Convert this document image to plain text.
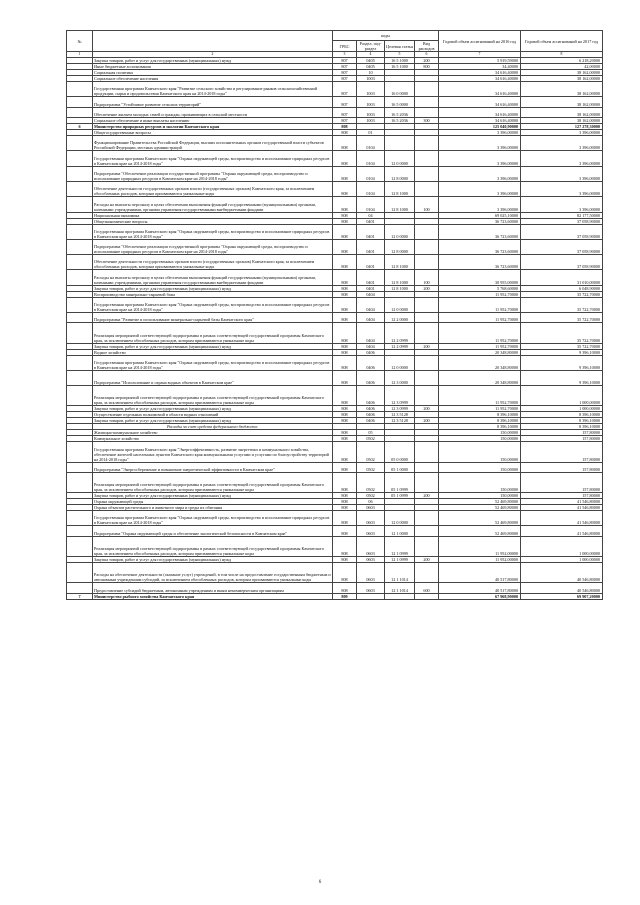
№		коды				Годовой объем ассигнований на 2016 год	Годовой объем ассигнований на 2017 год
		ГРБС	Раздел, под-раздел	Целевая статья	Вид расходов		
1	2	3	4	5	6	7	8
	Закупка товаров, работ и услуг для государственных (муниципальных) нужд	807	0405	16 5 1000	200	5 919,59000	6 218,20000
	Иные бюджетные ассигнования	807	0405	16 5 1000	800	34,40000	42,00000
	Социальная политика	807	10			34 616,40000	38 162,00000
	Социальное обеспечение населения	807	1003			34 616,40000	38 162,00000
	Государственная программа Камчатского края "Развитие сельского хозяйства и регулирование рынков сельскохозяйственной продукции, сырья и продовольствия Камчатского края на 2014-2018 годы"	807	1003	16 0 0000		34 616,40000	38 162,00000
	Подпрограмма "Устойчивое развитие сельских территорий"	807	1003	16 5 0000		34 616,40000	38 162,00000
	Обеспечение жильем молодых семей и граждан, проживающих в сельской местности	807	1003	16 5 2036		34 616,40000	38 162,00000
	Социальное обеспечение и иные выплаты населению	807	1003	16 5 2036	300	34 616,40000	38 162,00000
6	Министерство природных ресурсов и экологии Камчатского края	808				125 040,90000	127 278,30000
	Общегосударственные вопросы	808	01			3 396,00000	3 396,00000
	Функционирование Правительства Российской Федерации, высших исполнительных органов государственной власти субъектов Российской Федерации, местных администраций	808	0104			3 396,00000	3 396,00000
	Государственная программа Камчатского края "Охрана окружающей среды, воспроизводство и использование природных ресурсов в Камчатском крае на 2014-2018 годы"	808	0104	12 0 0000		3 396,00000	3 396,00000
	Подпрограмма "Обеспечение реализации государственной программы "Охрана окружающей среды, воспроизводство и использование природных ресурсов в Камчатском крае на 2014-2018 годы"	808	0104	12 8 0000		3 396,00000	3 396,00000
	Обеспечение деятельности государственных органов власти (государственных органов) Камчатского края, за исключением обособленных расходов, которым присваиваются уникальные коды	808	0104	12 8 1000		3 396,00000	3 396,00000
	Расходы на выплаты персоналу в целях обеспечения выполнения функций государственными (муниципальными) органами, казенными учреждениями, органами управления государственными внебюджетными фондами	808	0104	12 8 1000	100	3 396,00000	3 396,00000
	Национальная экономика	808	04			69 025,10000	82 177,50000
	Общеэкономические вопросы	808	0401			36 723,60000	37 058,90000
	Государственная программа Камчатского края "Охрана окружающей среды, воспроизводство и использование природных ресурсов в Камчатском крае на 2014-2018 годы"	808	0401	12 0 0000		36 723,60000	37 058,90000
	Подпрограмма "Обеспечение реализации государственной программы "Охрана окружающей среды, воспроизводство и использование природных ресурсов в Камчатском крае на 2014-2018 годы"	808	0401	12 8 0000		36 723,60000	37 058,90000
	Обеспечение деятельности государственных органов власти (государственных органов) Камчатского края, за исключением обособленных расходов, которым присваиваются уникальные коды	808	0401	12 8 1000		36 723,60000	37 058,90000
	Расходы на выплаты персоналу в целях обеспечения выполнения функций государственными (муниципальными) органами, казенными учреждениями, органами управления государственными внебюджетными фондами	808	0401	12 8 1000	100	30 955,00000	31 010,00000
	Закупка товаров, работ и услуг для государственных (муниципальных) нужд	808	0401	12 8 1000	200	5 768,60000	6 048,90000
	Воспроизводство минерально-сырьевой базы	808	0404			11 952,70000	35 722,70000
	Государственная программа Камчатского края "Охрана окружающей среды, воспроизводство и использование природных ресурсов в Камчатском крае на 2014-2018 годы"	808	0404	12 0 0000		11 952,70000	35 722,70000
	Подпрограмма "Развитие и использование минерально-сырьевой базы Камчатского края"	808	0404	12 2 0000		11 952,70000	35 722,70000
	Реализация мероприятий соответствующей подпрограммы в рамках соответствующей государственной программы Камчатского края, за исключением обособленных расходов, которым присваиваются уникальные коды	808	0404	12 2 0999		11 952,70000	35 722,70000
	Закупка товаров, работ и услуг для государственных (муниципальных) нужд	808	0404	12 2 0999	200	11 952,70000	35 722,70000
	Водное хозяйство	808	0406			20 348,80000	9 396,10000
	Государственная программа Камчатского края "Охрана окружающей среды, воспроизводство и использование природных ресурсов в Камчатском крае на 2014-2018 годы"	808	0406	12 0 0000		20 348,80000	9 396,10000
	Подпрограмма "Использование и охрана водных объектов в Камчатском крае"	808	0406	12 3 0000		20 348,80000	9 396,10000
	Реализация мероприятий соответствующей подпрограммы в рамках соответствующей государственной программы Камчатского края, за исключением обособленных расходов, которым присваиваются уникальные коды	808	0406	12 3 0999		11 952,70000	1 000,00000
	Закупка товаров, работ и услуг для государственных (муниципальных) нужд	808	0406	12 3 0999	200	11 952,70000	1 000,00000
	Осуществление отдельных полномочий в области водных отношений	808	0406	12 3 5128		8 396,10000	8 396,10000
	Закупка товаров, работ и услуг для государственных (муниципальных) нужд	808	0406	12 3 5128	200	8 396,10000	8 396,10000
	Расходы за счет средств федерального бюджета:					8 396,10000	8 396,10000
	Жилищно-коммунальное хозяйство	808	05			150,00000	157,80000
	Коммунальное хозяйство	808	0502			150,00000	157,80000
	Государственная программа Камчатского края "Энергоэффективность, развитие энергетики и коммунального хозяйства, обеспечение жителей населенных пунктов Камчатского края коммунальными услугами и услугами по благоустройству территорий на 2014-2018 годы"	808	0502	05 0 0000		150,00000	157,80000
	Подпрограмма "Энергосбережение и повышение энергетической эффективности в Камчатском крае"	808	0502	05 1 0000		150,00000	157,80000
	Реализация мероприятий соответствующей подпрограммы в рамках соответствующей государственной программы Камчатского края, за исключением обособленных расходов, которым присваиваются уникальные коды	808	0502	05 1 0999		150,00000	157,80000
	Закупка товаров, работ и услуг для государственных (муниципальных) нужд	808	0502	05 1 0999	200	150,00000	157,80000
	Охрана окружающей среды	808	06			52 469,80000	41 546,80000
	Охрана объектов растительного и животного мира и среды их обитания	808	0603			52 469,80000	41 546,80000
	Государственная программа Камчатского края "Охрана окружающей среды, воспроизводство и использование природных ресурсов в Камчатском крае на 2014-2018 годы"	808	0603	12 0 0000		52 469,80000	41 546,80000
	Подпрограмма "Охрана окружающей среды и обеспечение экологической безопасности в Камчатском крае"	808	0603	12 1 0000		52 469,80000	41 546,80000
	Реализация мероприятий соответствующей подпрограммы в рамках соответствующей государственной программы Камчатского края, за исключением обособленных расходов, которым присваиваются уникальные коды	808	0603	12 1 0999		11 952,00000	1 000,00000
	Закупка товаров, работ и услуг для государственных (муниципальных) нужд	808	0603	12 1 0999	200	11 952,00000	1 000,00000
	Расходы на обеспечение деятельности (оказание услуг) учреждений, в том числе на предоставление государственным бюджетным и автономным учреждениям субсидий, за исключением обособленных расходов, которым присваиваются уникальные коды	808	0603	12 1 1014		40 517,80000	40 546,80000
	Предоставление субсидий бюджетным, автономным учреждениям и иным некоммерческим организациям	808	0603	12 1 1014	600	40 517,80000	40 546,80000
7	Министерство рыбного хозяйства Камчатского края	809				67 968,90000	69 907,20000
6
